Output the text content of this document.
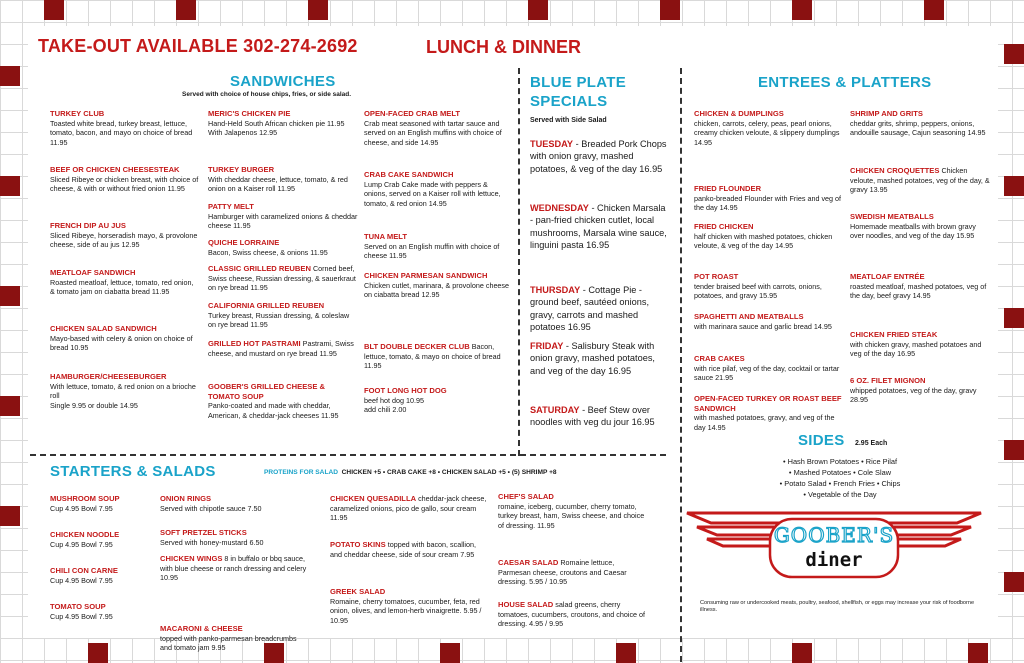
TAKE-OUT AVAILABLE 302-274-2692	LUNCH & DINNER
SANDWICHES
Served with choice of house chips, fries, or side salad.
TURKEY CLUB
Toasted white bread, turkey breast, lettuce, tomato, bacon, and mayo on choice of bread 11.95
BEEF OR CHICKEN CHEESESTEAK
Sliced Ribeye or chicken breast, with choice of cheese, & with or without fried onion 11.95
FRENCH DIP AU JUS
Sliced Ribeye, horseradish mayo, & provolone cheese, side of au jus 12.95
MEATLOAF SANDWICH
Roasted meatloaf, lettuce, tomato, red onion, & tomato jam on ciabatta bread 11.95
CHICKEN SALAD SANDWICH
Mayo-based with celery & onion on choice of bread 10.95
HAMBURGER/CHEESEBURGER
With lettuce, tomato, & red onion on a brioche roll
Single 9.95 or double 14.95
MERIC'S CHICKEN PIE
Hand-Held South African chicken pie 11.95
With Jalapenos 12.95
TURKEY BURGER
With cheddar cheese, lettuce, tomato, & red onion on a Kaiser roll 11.95
PATTY MELT
Hamburger with caramelized onions & cheddar cheese 11.95
QUICHE LORRAINE
Bacon, Swiss cheese, & onions 11.95
CLASSIC GRILLED REUBEN Corned beef, Swiss cheese, Russian dressing, & sauerkraut on rye bread 11.95
CALIFORNIA GRILLED REUBEN
Turkey breast, Russian dressing, & coleslaw on rye bread 11.95
GRILLED HOT PASTRAMI Pastrami, Swiss cheese, and mustard on rye bread 11.95
GOOBER'S GRILLED CHEESE & TOMATO SOUP
Panko-coated and made with cheddar, American, & cheddar-jack cheeses 11.95
OPEN-FACED CRAB MELT
Crab meat seasoned with tartar sauce and served on an English muffins with choice of cheese, and side 14.95
CRAB CAKE SANDWICH
Lump Crab Cake made with peppers & onions, served on a Kaiser roll with lettuce, tomato, & red onion 14.95
TUNA MELT
Served on an English muffin with choice of cheese 11.95
CHICKEN PARMESAN SANDWICH
Chicken cutlet, marinara, & provolone cheese on ciabatta bread 12.95
BLT DOUBLE DECKER CLUB Bacon, lettuce, tomato, & mayo on choice of bread 11.95
FOOT LONG HOT DOG
beef hot dog 10.95
add chili 2.00
BLUE PLATE
SPECIALS
Served with Side Salad
TUESDAY - Breaded Pork Chops with onion gravy, mashed potatoes, & veg of the day 16.95
WEDNESDAY - Chicken Marsala - pan-fried chicken cutlet, local mushrooms, Marsala wine sauce, linguini pasta 16.95
THURSDAY - Cottage Pie - ground beef, sautéed onions, gravy, carrots and mashed potatoes 16.95
FRIDAY - Salisbury Steak with onion gravy, mashed potatoes, and veg of the day 16.95
SATURDAY - Beef Stew over noodles with veg du jour 16.95
ENTREES & PLATTERS
CHICKEN & DUMPLINGS
chicken, carrots, celery, peas, pearl onions, creamy chicken veloute, & slippery dumplings 14.95
FRIED FLOUNDER
panko-breaded Flounder with Fries and veg of the day 14.95
FRIED CHICKEN
half chicken with mashed potatoes, chicken veloute, & veg of the day 14.95
POT ROAST
tender braised beef with carrots, onions, potatoes, and gravy 15.95
SPAGHETTI AND MEATBALLS
with marinara sauce and garlic bread 14.95
CRAB CAKES
with rice pilaf, veg of the day, cocktail or tartar sauce 21.95
OPEN-FACED TURKEY OR ROAST BEEF SANDWICH
with mashed potatoes, gravy, and veg of the day 14.95
SHRIMP AND GRITS
cheddar grits, shrimp, peppers, onions, andouille sausage, Cajun seasoning 14.95
CHICKEN CROQUETTES Chicken veloute, mashed potatoes, veg of the day, & gravy 13.95
SWEDISH MEATBALLS
Homemade meatballs with brown gravy over noodles, and veg of the day 15.95
MEATLOAF ENTRÉE
roasted meatloaf, mashed potatoes, veg of the day, beef gravy 14.95
CHICKEN FRIED STEAK
with chicken gravy, mashed potatoes and veg of the day 16.95
6 OZ. FILET MIGNON
whipped potatoes, veg of the day, gravy 28.95
SIDES 2.95 Each
• Hash Brown Potatoes • Rice Pilaf
• Mashed Potatoes • Cole Slaw
• Potato Salad • French Fries • Chips
• Vegetable of the Day
GOOBER'S
diner
Consuming raw or undercooked meats, poultry, seafood, shellfish, or eggs may increase your risk of foodborne illness.
STARTERS & SALADS	PROTEINS FOR SALAD CHICKEN +5 • CRAB CAKE +8 • CHICKEN SALAD +5 • (5) SHRIMP +8
MUSHROOM SOUP
Cup 4.95 Bowl 7.95
CHICKEN NOODLE
Cup 4.95 Bowl 7.95
CHILI CON CARNE
Cup 4.95 Bowl 7.95
TOMATO SOUP
Cup 4.95 Bowl 7.95
ONION RINGS
Served with chipotle sauce 7.50
SOFT PRETZEL STICKS
Served with honey-mustard 6.50
CHICKEN WINGS 8 in buffalo or bbq sauce, with blue cheese or ranch dressing and celery 10.95
MACARONI & CHEESE
topped with panko-parmesan breadcrumbs and tomato jam 9.95
CHICKEN QUESADILLA cheddar-jack cheese, caramelized onions, pico de gallo, sour cream 11.95
POTATO SKINS topped with bacon, scallion, and cheddar cheese, side of sour cream 7.95
GREEK SALAD
Romaine, cherry tomatoes, cucumber, feta, red onion, olives, and lemon-herb vinaigrette. 5.95 / 10.95
CHEF'S SALAD
romaine, iceberg, cucumber, cherry tomato, turkey breast, ham, Swiss cheese, and choice of dressing. 11.95
CAESAR SALAD Romaine lettuce, Parmesan cheese, croutons and Caesar dressing. 5.95 / 10.95
HOUSE SALAD salad greens, cherry tomatoes, cucumbers, croutons, and choice of dressing. 4.95 / 9.95
